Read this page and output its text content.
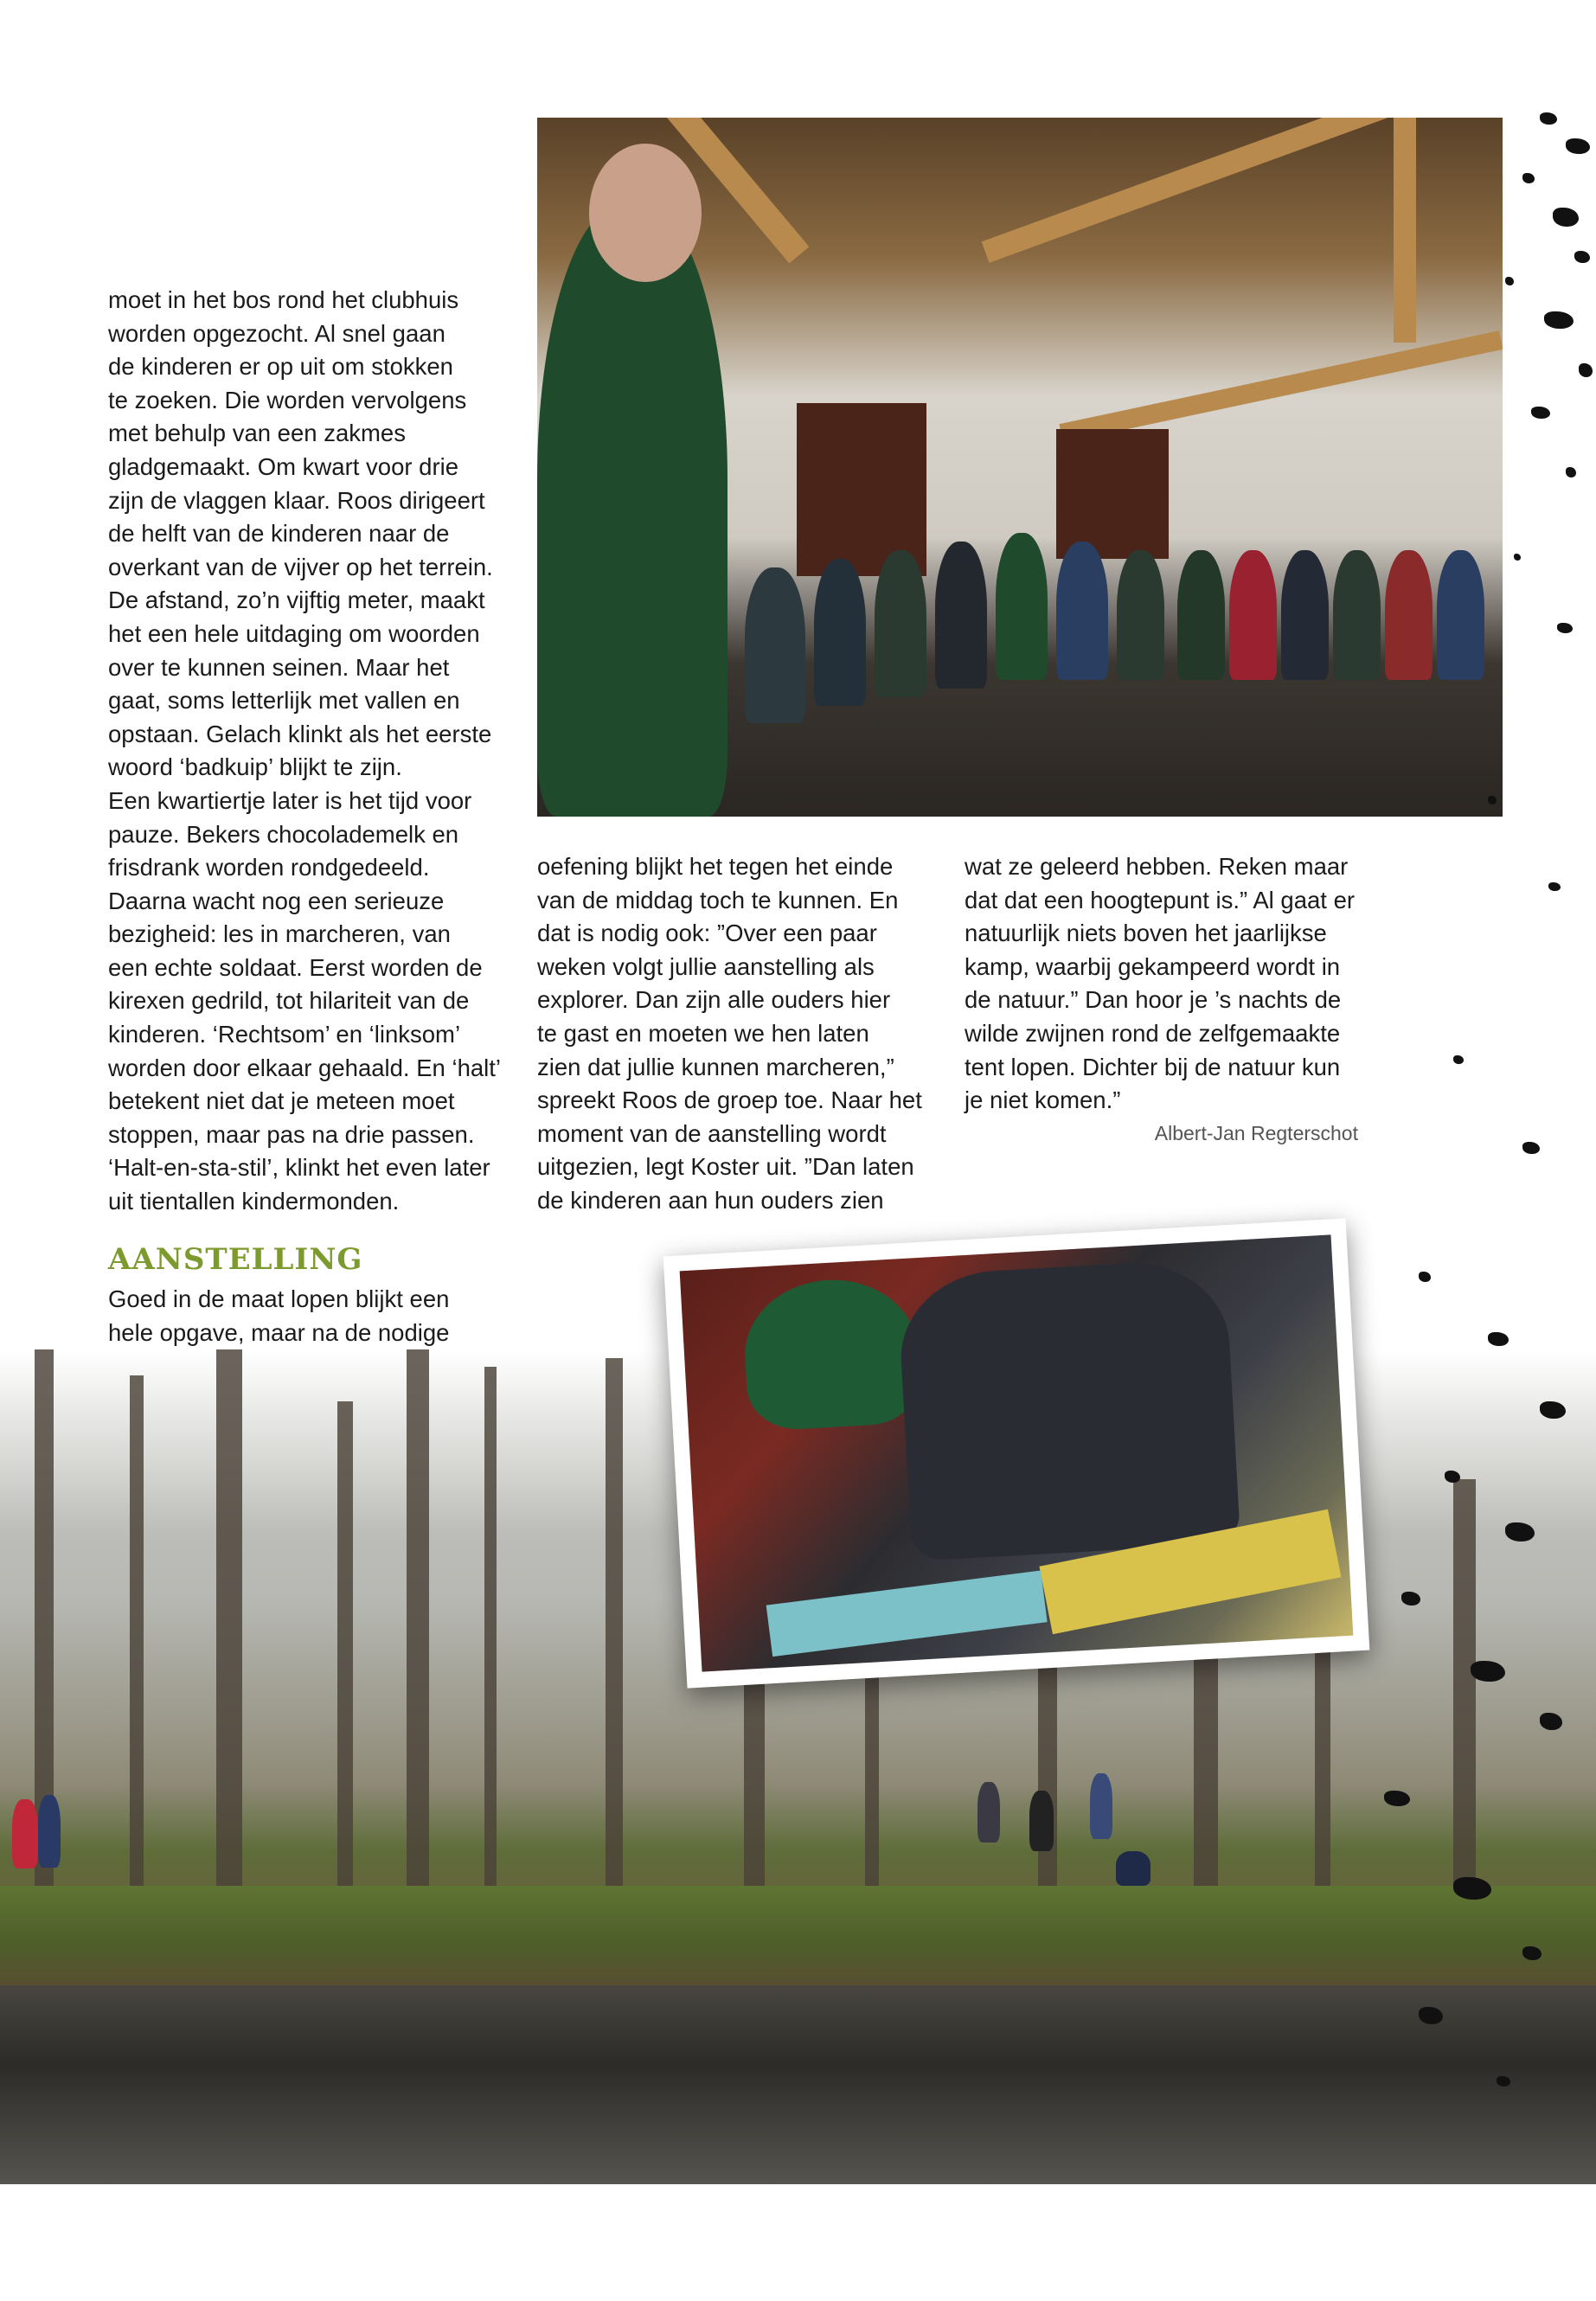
moet in het bos rond het clubhuis

worden opgezocht. Al snel gaan

de kinderen er op uit om stokken

te zoeken. Die worden vervolgens

met behulp van een zakmes

gladgemaakt. Om kwart voor drie

zijn de vlaggen klaar. Roos dirigeert

de helft van de kinderen naar de

overkant van de vijver op het terrein.

De afstand, zo’n vijftig meter, maakt

het een hele uitdaging om woorden

over te kunnen seinen. Maar het

gaat, soms letterlijk met vallen en

opstaan. Gelach klinkt als het eerste

woord ‘badkuip’ blijkt te zijn.

Een kwartiertje later is het tijd voor

pauze. Bekers chocolademelk en

frisdrank worden rondgedeeld.

Daarna wacht nog een serieuze

bezigheid: les in marcheren, van

een echte soldaat. Eerst worden de

kirexen gedrild, tot hilariteit van de

kinderen. ‘Rechtsom’ en ‘linksom’

worden door elkaar gehaald. En ‘halt’

betekent niet dat je meteen moet

stoppen, maar pas na drie passen.

‘Halt-en-sta-stil’, klinkt het even later

uit tientallen kindermonden.

AANSTELLING

Goed in de maat lopen blijkt een

hele opgave, maar na de nodige

oefening blijkt het tegen het einde

van de middag toch te kunnen. En

dat is nodig ook: ”Over een paar

weken volgt jullie aanstelling als

explorer. Dan zijn alle ouders hier

te gast en moeten we hen laten

zien dat jullie kunnen marcheren,”

spreekt Roos de groep toe. Naar het

moment van de aanstelling wordt

uitgezien, legt Koster uit. ”Dan laten

de kinderen aan hun ouders zien

wat ze geleerd hebben. Reken maar

dat dat een hoogtepunt is.” Al gaat er

natuurlijk niets boven het jaarlijkse

kamp, waarbij gekampeerd wordt in

de natuur.” Dan hoor je ’s nachts de

wilde zwijnen rond de zelfgemaakte

tent lopen. Dichter bij de natuur kun

je niet komen.”

Albert-Jan Regterschot
